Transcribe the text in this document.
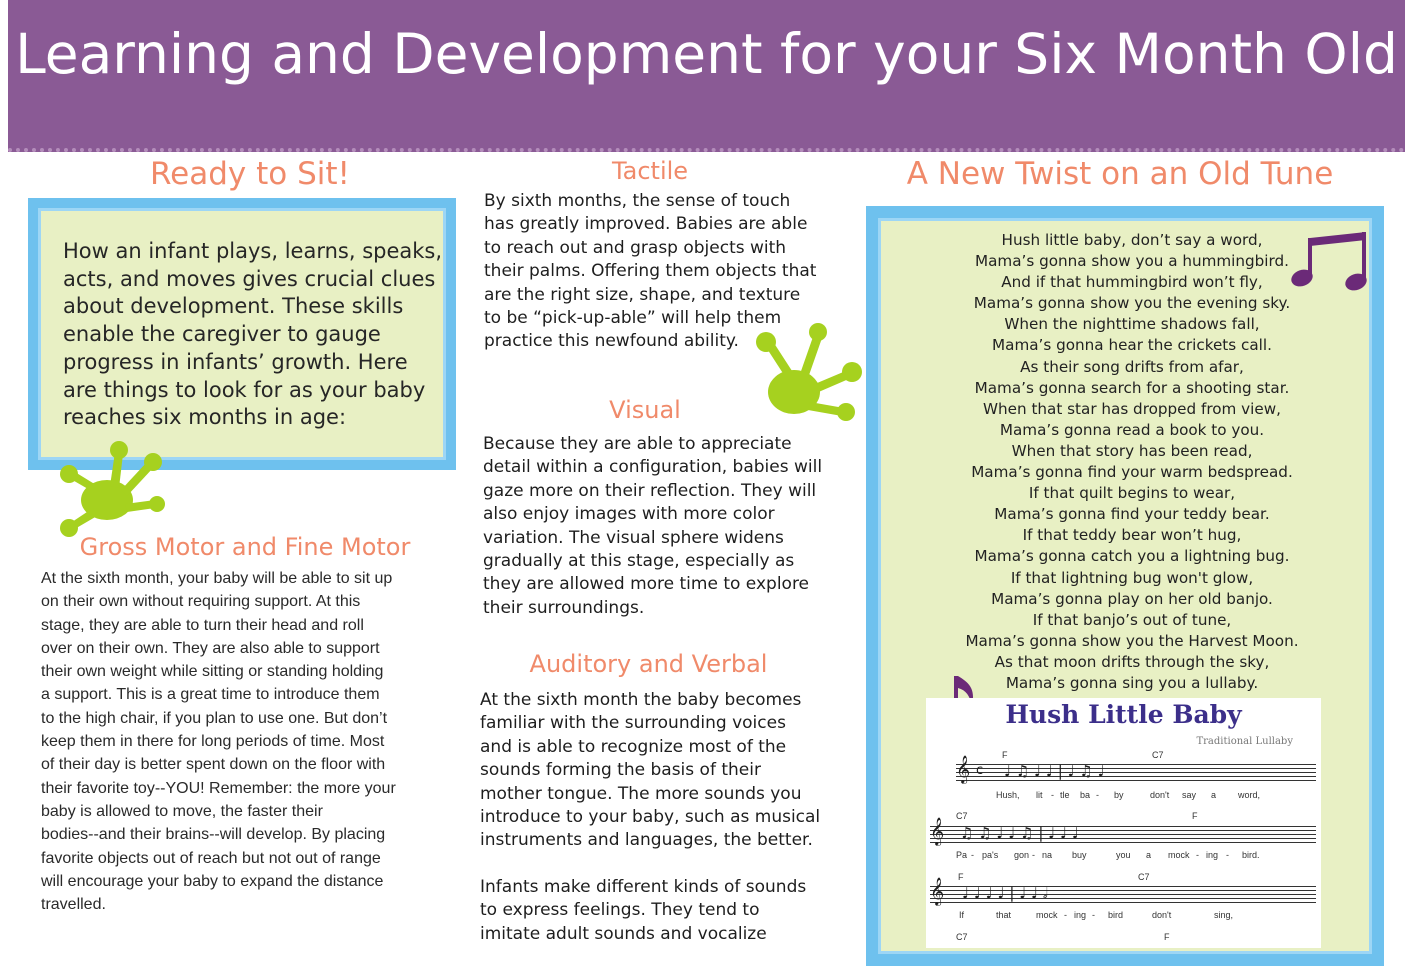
Learning and Development for your Six Month Old
Ready to Sit!
How an infant plays, learns, speaks, acts, and moves gives crucial clues about development. These skills enable the caregiver to gauge progress in infants’ growth. Here are things to look for as your baby reaches six months in age:
Gross Motor and Fine Motor
At the sixth month, your baby will be able to sit up
on their own without requiring support. At this
stage, they are able to turn their head and roll
over on their own. They are also able to support
their own weight while sitting or standing holding
a support. This is a great time to introduce them
to the high chair, if you plan to use one. But don’t
keep them in there for long periods of time. Most
of their day is better spent down on the floor with
their favorite toy--YOU! Remember: the more your
baby is allowed to move, the faster their
bodies--and their brains--will develop. By placing
favorite objects out of reach but not out of range
will encourage your baby to expand the distance
travelled.
Tactile
By sixth months, the sense of touch
has greatly improved. Babies are able
to reach out and grasp objects with
their palms. Offering them objects that
are the right size, shape, and texture
to be “pick-up-able” will help them
practice this newfound ability.
Visual
Because they are able to appreciate
detail within a configuration, babies will
gaze more on their reflection. They will
also enjoy images with more color
variation. The visual sphere widens
gradually at this stage, especially as
they are allowed more time to explore
their surroundings.
Auditory and Verbal
At the sixth month the baby becomes
familiar with the surrounding voices
and is able to recognize most of the
sounds forming the basis of their
mother tongue. The more sounds you
introduce to your baby, such as musical
instruments and languages, the better.
Infants make different kinds of sounds
to express feelings. They tend to
imitate adult sounds and vocalize
A New Twist on an Old Tune
Hush little baby, don’t say a word,
Mama’s gonna show you a hummingbird.
And if that hummingbird won’t fly,
Mama’s gonna show you the evening sky.
When the nighttime shadows fall,
Mama’s gonna hear the crickets call.
As their song drifts from afar,
Mama’s gonna search for a shooting star.
When that star has dropped from view,
Mama’s gonna read a book to you.
When that story has been read,
Mama’s gonna find your warm bedspread.
If that quilt begins to wear,
Mama’s gonna find your teddy bear.
If that teddy bear won’t hug,
Mama’s gonna catch you a lightning bug.
If that lightning bug won't glow,
Mama’s gonna play on her old banjo.
If that banjo’s out of tune,
Mama’s gonna show you the Harvest Moon.
As that moon drifts through the sky,
Mama’s gonna sing you a lullaby.
Hush Little Baby
Traditional Lullaby
𝄞 c
F	C7
♩ ♫ ♩ ♩ | ♩ ♫ ♩
Hush, lit - tle ba - by	don't say a word,
𝄞
C7	F
♫ ♫ ♩ ♩ ♫ | ♩ ♩ ♩
Pa - pa's gon - na buy	you a mock - ing - bird.
𝄞 F	C7
♩ ♩ ♩ ♩ | ♩ ♩ 𝅗𝅥
If	that	mock - ing - bird	don't	sing,
C7	F
